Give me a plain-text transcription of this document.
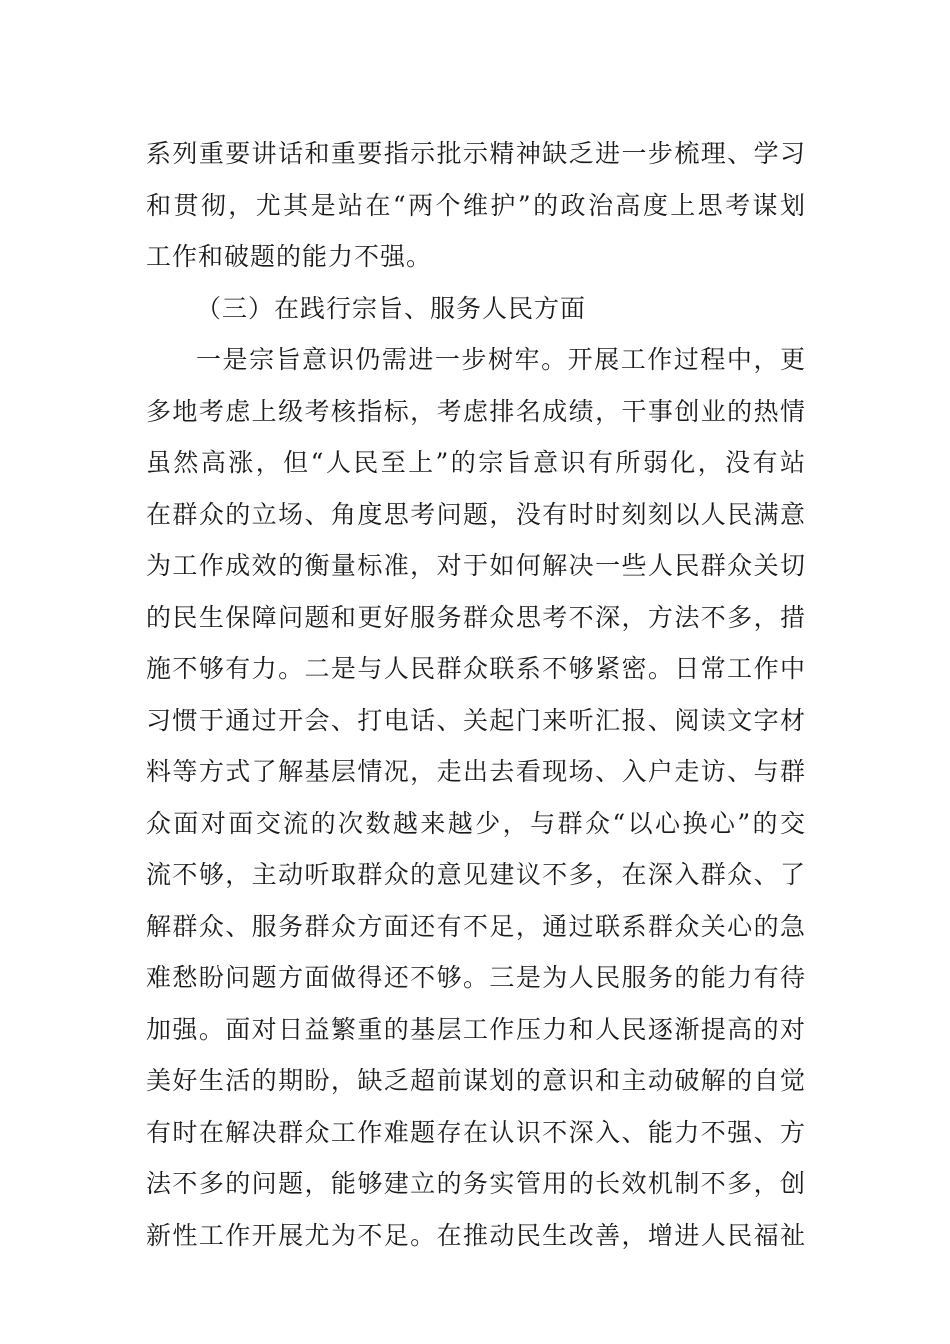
系列重要讲话和重要指示批示精神缺乏进一步梳理、学习
和贯彻，尤其是站在“两个维护”的政治高度上思考谋划
工作和破题的能力不强。
（三）在践行宗旨、服务人民方面
一是宗旨意识仍需进一步树牢。开展工作过程中，更
多地考虑上级考核指标，考虑排名成绩，干事创业的热情
虽然高涨，但“人民至上”的宗旨意识有所弱化，没有站
在群众的立场、角度思考问题，没有时时刻刻以人民满意
为工作成效的衡量标准，对于如何解决一些人民群众关切
的民生保障问题和更好服务群众思考不深，方法不多，措
施不够有力。二是与人民群众联系不够紧密。日常工作中
习惯于通过开会、打电话、关起门来听汇报、阅读文字材
料等方式了解基层情况，走出去看现场、入户走访、与群
众面对面交流的次数越来越少，与群众“以心换心”的交
流不够，主动听取群众的意见建议不多，在深入群众、了
解群众、服务群众方面还有不足，通过联系群众关心的急
难愁盼问题方面做得还不够。三是为人民服务的能力有待
加强。面对日益繁重的基层工作压力和人民逐渐提高的对
美好生活的期盼，缺乏超前谋划的意识和主动破解的自觉
有时在解决群众工作难题存在认识不深入、能力不强、方
法不多的问题，能够建立的务实管用的长效机制不多，创
新性工作开展尤为不足。在推动民生改善，增进人民福祉
